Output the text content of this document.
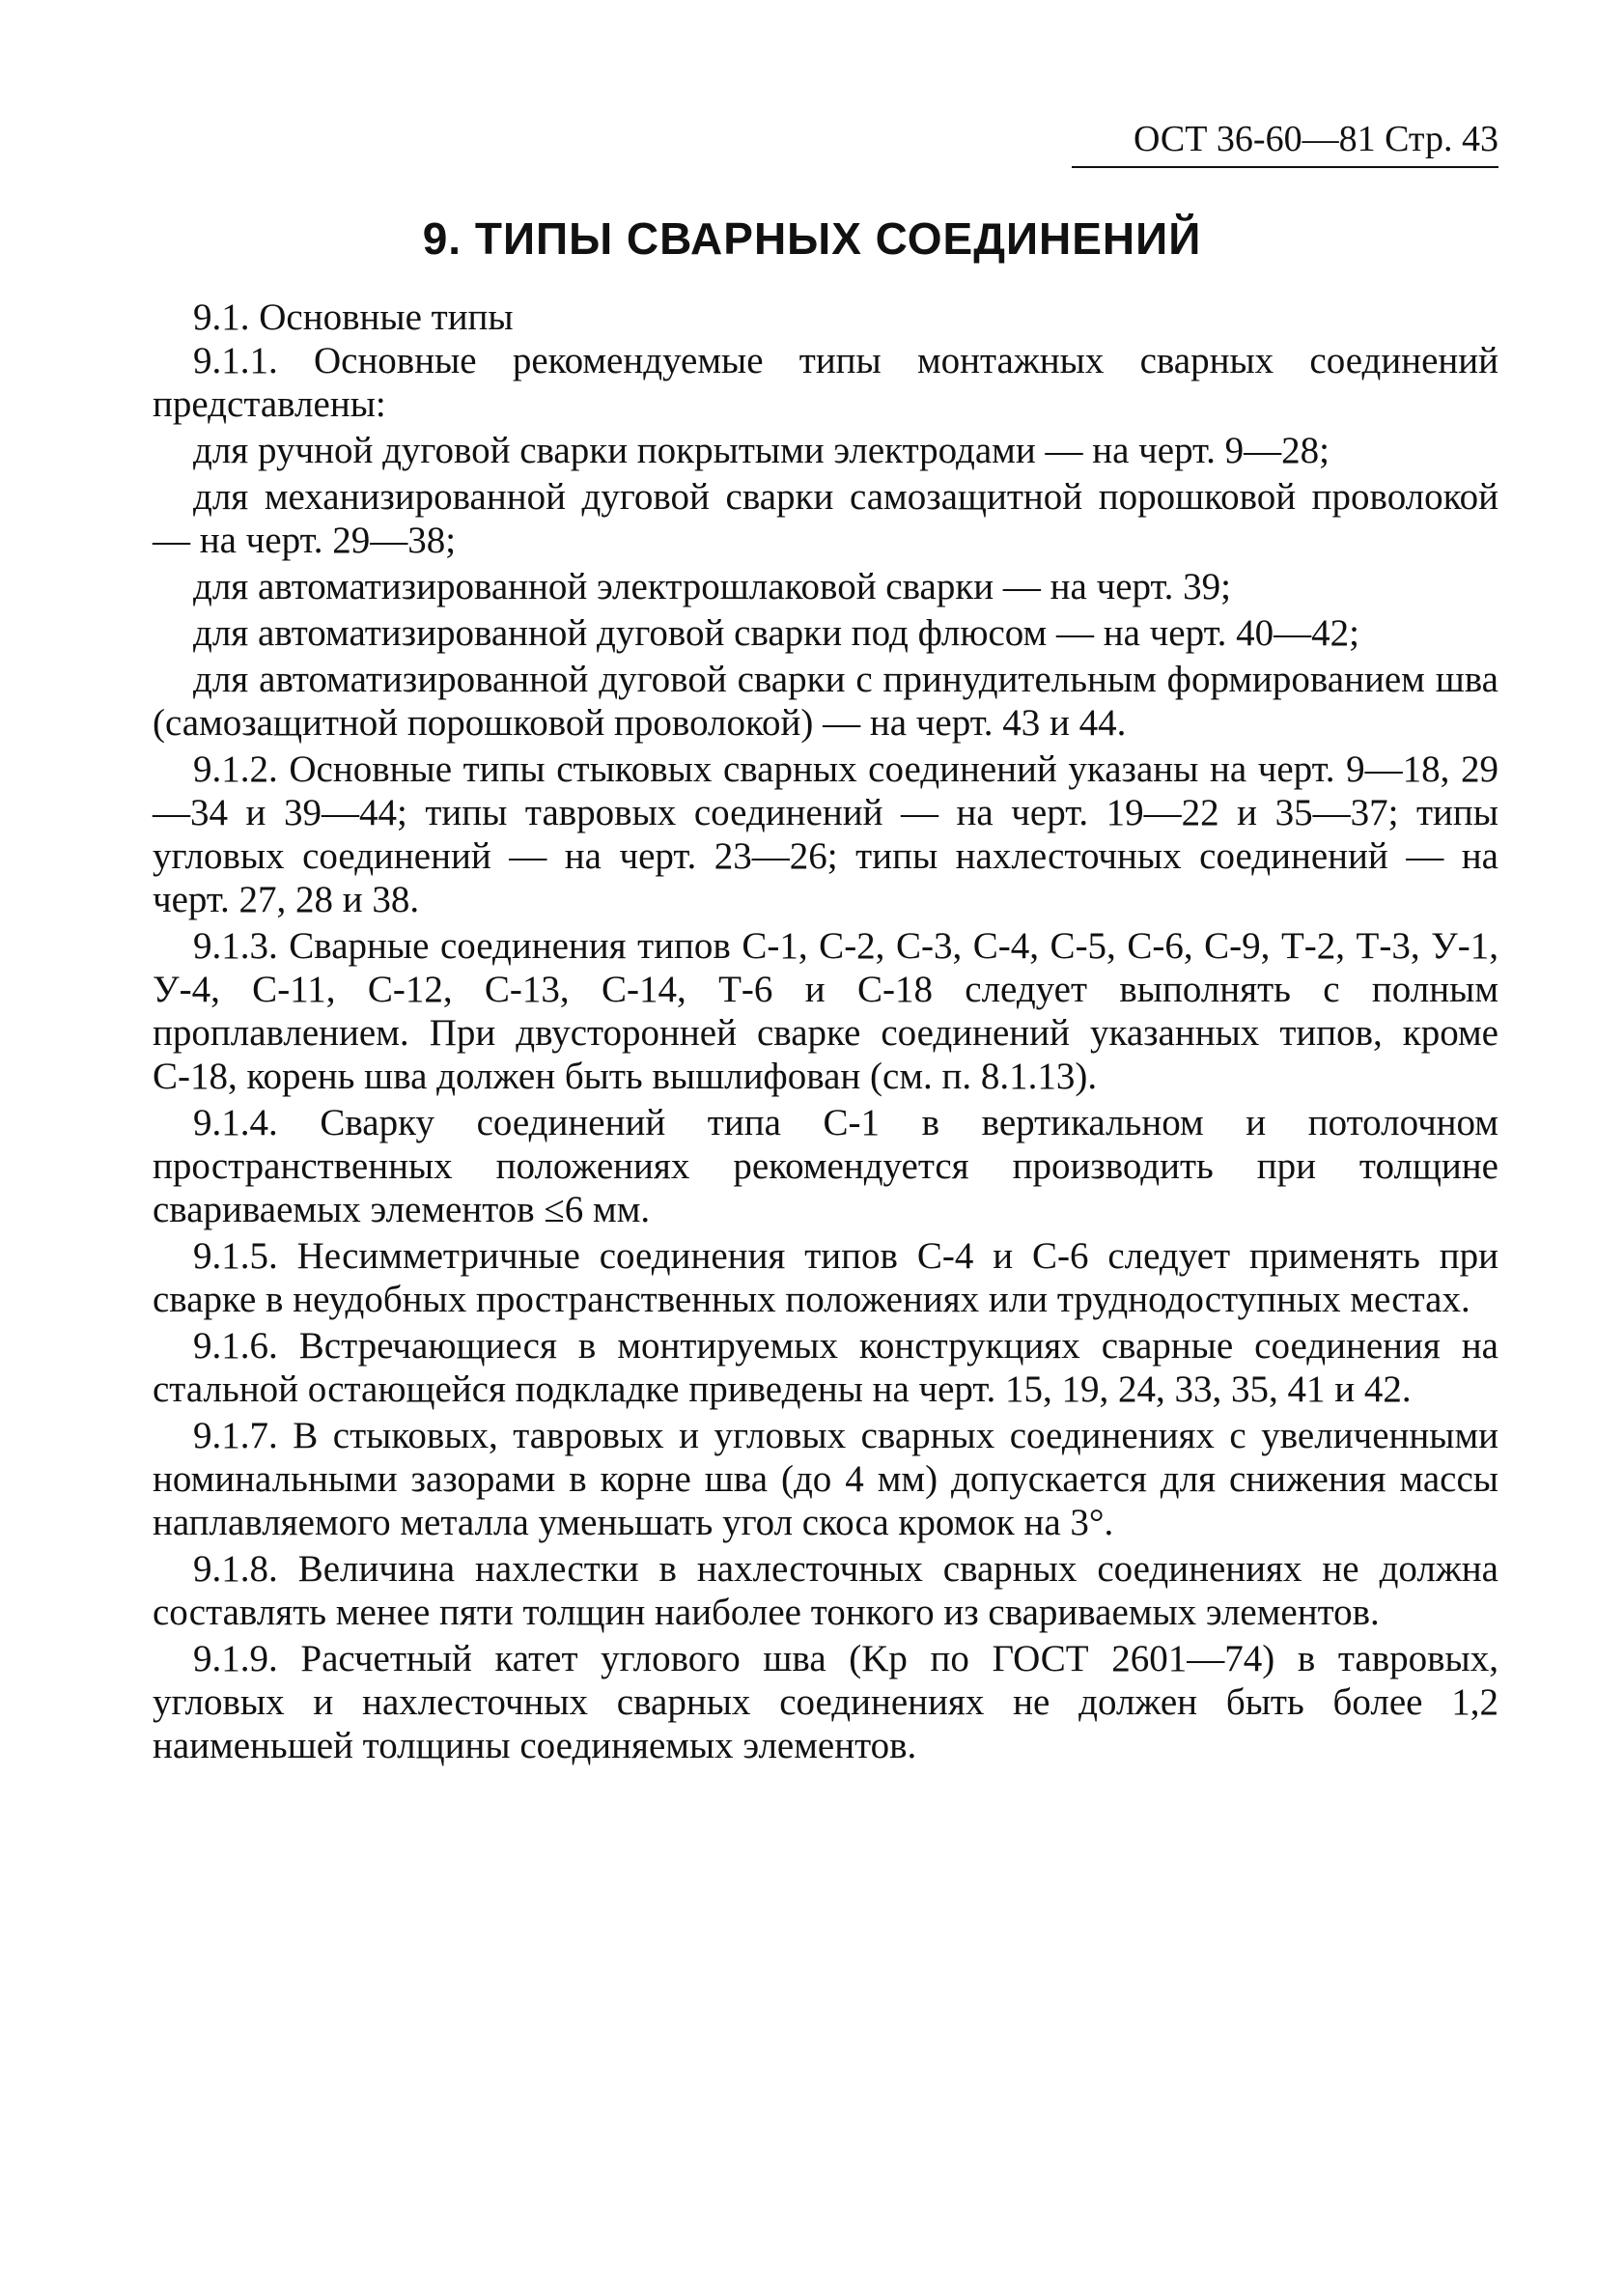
ОСТ 36-60—81 Стр. 43
9. ТИПЫ СВАРНЫХ СОЕДИНЕНИЙ

9.1. Основные типы

9.1.1. Основные рекомендуемые типы монтажных сварных соединений представлены:

для ручной дуговой сварки покрытыми электродами — на черт. 9—28;

для механизированной дуговой сварки самозащитной порошковой проволокой — на черт. 29—38;

для автоматизированной электрошлаковой сварки — на черт. 39;

для автоматизированной дуговой сварки под флюсом — на черт. 40—42;

для автоматизированной дуговой сварки с принудительным формированием шва (самозащитной порошковой проволокой) — на черт. 43 и 44.

9.1.2. Основные типы стыковых сварных соединений указаны на черт. 9—18, 29—34 и 39—44; типы тавровых соединений — на черт. 19—22 и 35—37; типы угловых соединений — на черт. 23—26; типы нахлесточных соединений — на черт. 27, 28 и 38.

9.1.3. Сварные соединения типов С-1, С-2, С-3, С-4, С-5, С-6, С-9, Т-2, Т-3, У-1, У-4, С-11, С-12, С-13, С-14, Т-6 и С-18 следует выполнять с полным проплавлением. При двусторонней сварке соединений указанных типов, кроме С-18, корень шва должен быть вышлифован (см. п. 8.1.13).

9.1.4. Сварку соединений типа С-1 в вертикальном и потолочном пространственных положениях рекомендуется производить при толщине свариваемых элементов ≤6 мм.

9.1.5. Несимметричные соединения типов С-4 и С-6 следует применять при сварке в неудобных пространственных положениях или труднодоступных местах.

9.1.6. Встречающиеся в монтируемых конструкциях сварные соединения на стальной остающейся подкладке приведены на черт. 15, 19, 24, 33, 35, 41 и 42.

9.1.7. В стыковых, тавровых и угловых сварных соединениях с увеличенными номинальными зазорами в корне шва (до 4 мм) допускается для снижения массы наплавляемого металла уменьшать угол скоса кромок на 3°.

9.1.8. Величина нахлестки в нахлесточных сварных соединениях не должна составлять менее пяти толщин наиболее тонкого из свариваемых элементов.

9.1.9. Расчетный катет углового шва (Kр по ГОСТ 2601—74) в тавровых, угловых и нахлесточных сварных соединениях не должен быть более 1,2 наименьшей толщины соединяемых элементов.
